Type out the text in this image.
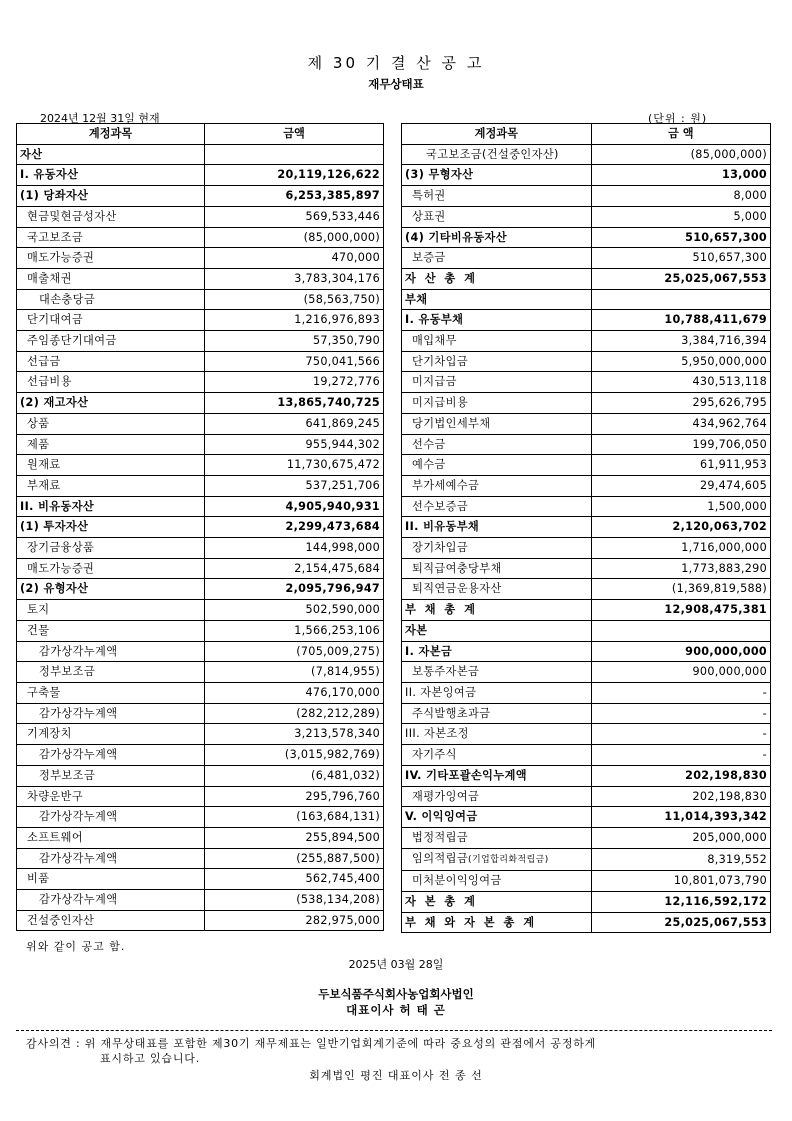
제 30 기 결 산 공 고
재무상태표
2024년 12월 31일 현재	(단위 : 원)
계정과목	금액
자산	
I. 유동자산	20,119,126,622
(1) 당좌자산	6,253,385,897
현금및현금성자산	569,533,446
국고보조금	(85,000,000)
매도가능증권	470,000
매출채권	3,783,304,176
대손충당금	(58,563,750)
단기대여금	1,216,976,893
주임종단기대여금	57,350,790
선급금	750,041,566
선급비용	19,272,776
(2) 재고자산	13,865,740,725
상품	641,869,245
제품	955,944,302
원재료	11,730,675,472
부재료	537,251,706
II. 비유동자산	4,905,940,931
(1) 투자자산	2,299,473,684
장기금융상품	144,998,000
매도가능증권	2,154,475,684
(2) 유형자산	2,095,796,947
토지	502,590,000
건물	1,566,253,106
감가상각누계액	(705,009,275)
정부보조금	(7,814,955)
구축물	476,170,000
감가상각누계액	(282,212,289)
기계장치	3,213,578,340
감가상각누계액	(3,015,982,769)
정부보조금	(6,481,032)
차량운반구	295,796,760
감가상각누계액	(163,684,131)
소프트웨어	255,894,500
감가상각누계액	(255,887,500)
비품	562,745,400
감가상각누계액	(538,134,208)
건설중인자산	282,975,000
계정과목	금 액
국고보조금(건설중인자산)	(85,000,000)
(3) 무형자산	13,000
특허권	8,000
상표권	5,000
(4) 기타비유동자산	510,657,300
보증금	510,657,300
자 산 총 계	25,025,067,553
부채	
I. 유동부채	10,788,411,679
매입채무	3,384,716,394
단기차입금	5,950,000,000
미지급금	430,513,118
미지급비용	295,626,795
당기법인세부채	434,962,764
선수금	199,706,050
예수금	61,911,953
부가세예수금	29,474,605
선수보증금	1,500,000
II. 비유동부채	2,120,063,702
장기차입금	1,716,000,000
퇴직급여충당부채	1,773,883,290
퇴직연금운용자산	(1,369,819,588)
부 채 총 계	12,908,475,381
자본	
I. 자본금	900,000,000
보통주자본금	900,000,000
II. 자본잉여금	-
주식발행초과금	-
III. 자본조정	-
자기주식	-
IV. 기타포괄손익누계액	202,198,830
재평가잉여금	202,198,830
V. 이익잉여금	11,014,393,342
법정적립금	205,000,000
임의적립금(기업합리화적립금)	8,319,552
미처분이익잉여금	10,801,073,790
자 본 총 계	12,116,592,172
부 채 와 자 본 총 계	25,025,067,553
위와 같이 공고 함.
2025년 03월 28일
두보식품주식회사농업회사법인
대표이사 허 태 곤
감사의견 : 위 재무상태표를 포함한 제30기 재무제표는 일반기업회계기준에 따라 중요성의 관점에서 공정하게
표시하고 있습니다.
회계법인 평진 대표이사 전 종 선
